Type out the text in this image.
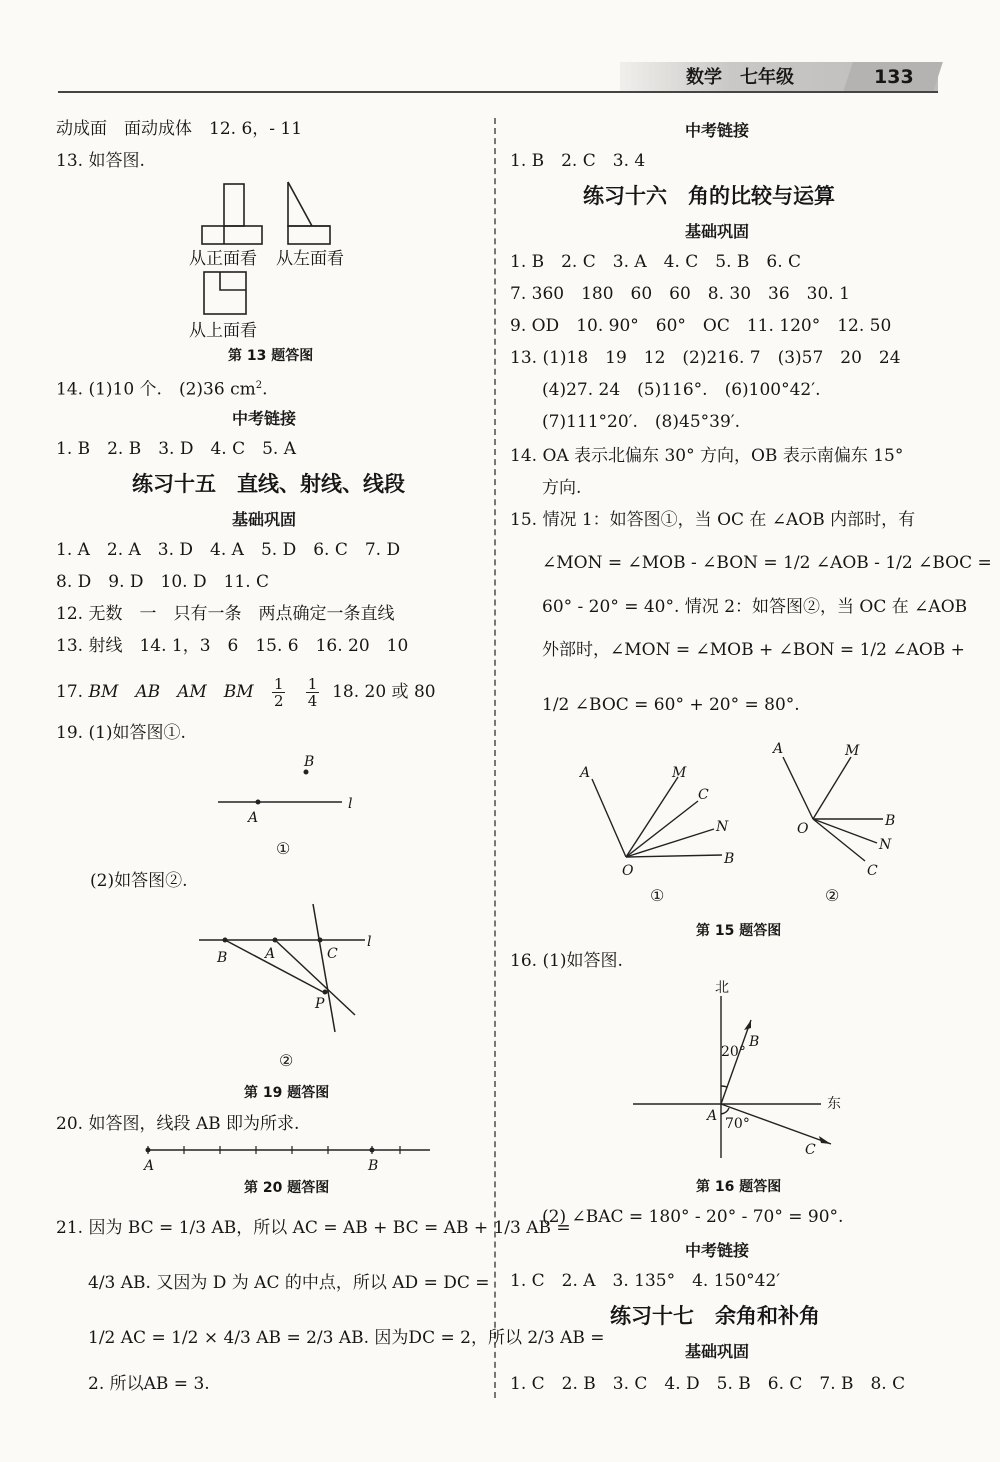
数学 七年级	133
动成面　面动成体　12. 6，- 11
13. 如答图.
从正面看 从左面看
从上面看
第 13 题答图
14. (1)10 个.　(2)36 $cm^2$.
中考链接
1. B　2. B　3. D　4. C　5. A
练习十五　直线、射线、线段
基础巩固
1. A　2. A　3. D　4. A　5. D　6. C　7. D
8. D　9. D　10. D　11. C
12. 无数　一　只有一条　两点确定一条直线
13. 射线　14. 1，3　6　15. 6　16. 20　10
17. BM　AB　AM　BM $\frac{1}{2}$
$\frac{1}{4} 18$. 20 或 80
19. (1)如答图①.
B
l
A
①
(2)如答图②.
l
B	A	C
P
②
第 19 题答图
20. 如答图，线段 AB 即为所求.
A	B
第 20 题答图
21. 因为 BC = 1/3 AB，所以 AC = AB + BC = AB + 1/3 AB =
4/3 AB. 又因为 D 为 AC 的中点，所以 AD = DC =
1/2 AC = 1/2 × 4/3 AB = 2/3 AB. 因为DC = 2，所以 2/3 AB =
2. 所以AB = 3.
中考链接
1. B　2. C　3. 4
练习十六　角的比较与运算
基础巩固
1. B　2. C　3. A　4. C　5. B　6. C
7. 360　180　60　60　8. 30　36　30. 1
9. OD　10. 90°　60°　OC　11. 120°　12. 50
13. (1)18　19　12　(2)216. 7　(3)57　20　24
(4)27. 24　(5)116°.　(6)100°42′.
(7)111°20′.　(8)45°39′.
14. OA 表示北偏东 30° 方向，OB 表示南偏东 15°
方向.
15. 情况 1：如答图①，当 OC 在 ∠AOB 内部时，有
∠MON = ∠MOB - ∠BON = 1/2 ∠AOB - 1/2 ∠BOC =
60° - 20° = 40°. 情况 2：如答图②，当 OC 在 ∠AOB
外部时，∠MON = ∠MOB + ∠BON = 1/2 ∠AOB +
1/2 ∠BOC = 60° + 20° = 80°.
A	M
C
N
B
O
①
A	M
B
N
C
O
②
第 15 题答图
16. (1)如答图.
北
东
B
20°
A 70°
C
第 16 题答图
(2) ∠BAC = 180° - 20° - 70° = 90°.
中考链接
1. C　2. A　3. 135°　4. 150°42′
练习十七　余角和补角
基础巩固
1. C　2. B　3. C　4. D　5. B　6. C　7. B　8. C
